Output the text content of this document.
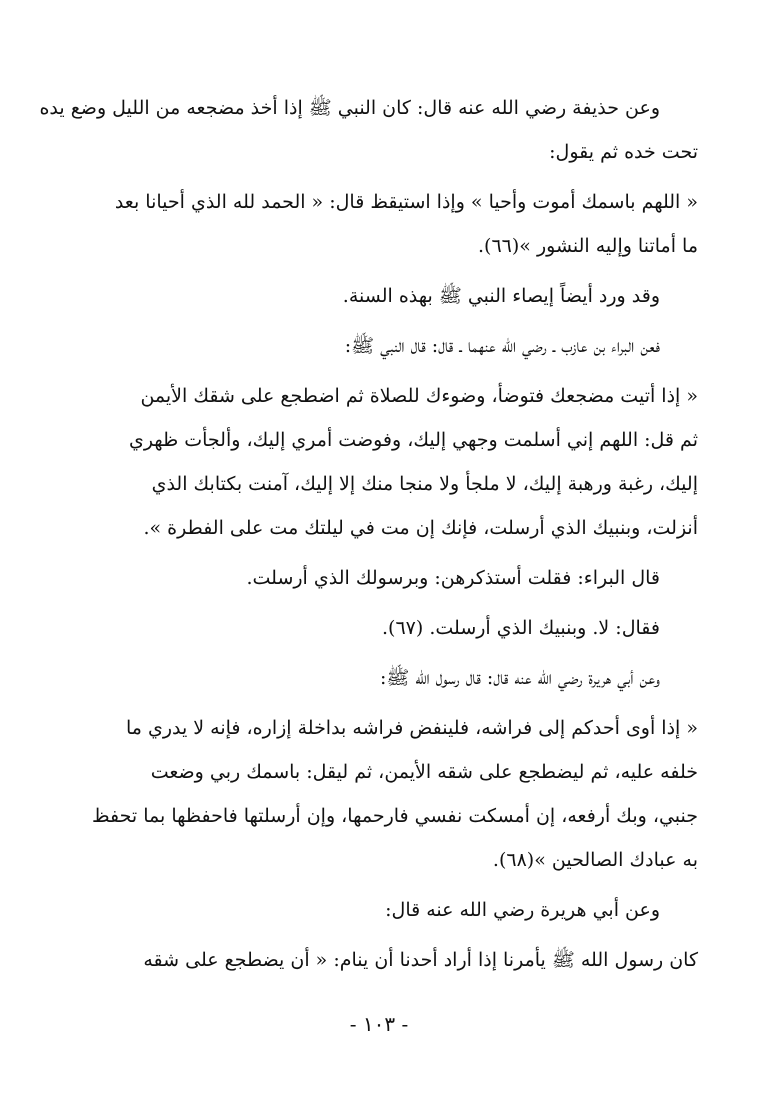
وعن حذيفة رضي الله عنه قال: كان النبي ﷺ إذا أخذ مضجعه من الليل وضع يده
تحت خده ثم يقول:
« اللهم باسمك أموت وأحيا » وإذا استيقظ قال: « الحمد لله الذي أحيانا بعد
ما أماتنا وإليه النشور »(٦٦).
وقد ورد أيضاً إيصاء النبي ﷺ بهذه السنة.
فعن البراء بن عازب ـ رضي الله عنهما ـ قال: قال النبي ﷺ:
« إذا أتيت مضجعك فتوضأ، وضوءك للصلاة ثم اضطجع على شقك الأيمن
ثم قل: اللهم إني أسلمت وجهي إليك، وفوضت أمري إليك، وألجأت ظهري
إليك، رغبة ورهبة إليك، لا ملجأ ولا منجا منك إلا إليك، آمنت بكتابك الذي
أنزلت، وبنبيك الذي أرسلت، فإنك إن مت في ليلتك مت على الفطرة ».
قال البراء: فقلت أستذكرهن: وبرسولك الذي أرسلت.
فقال: لا. وبنبيك الذي أرسلت. (٦٧).
وعن أبي هريرة رضي الله عنه قال: قال رسول الله ﷺ:
« إذا أوى أحدكم إلى فراشه، فلينفض فراشه بداخلة إزاره، فإنه لا يدري ما
خلفه عليه، ثم ليضطجع على شقه الأيمن، ثم ليقل: باسمك ربي وضعت
جنبي، وبك أرفعه، إن أمسكت نفسي فارحمها، وإن أرسلتها فاحفظها بما تحفظ
به عبادك الصالحين »(٦٨).
وعن أبي هريرة رضي الله عنه قال:
كان رسول الله ﷺ يأمرنا إذا أراد أحدنا أن ينام: « أن يضطجع على شقه
- ١٠٣ -
